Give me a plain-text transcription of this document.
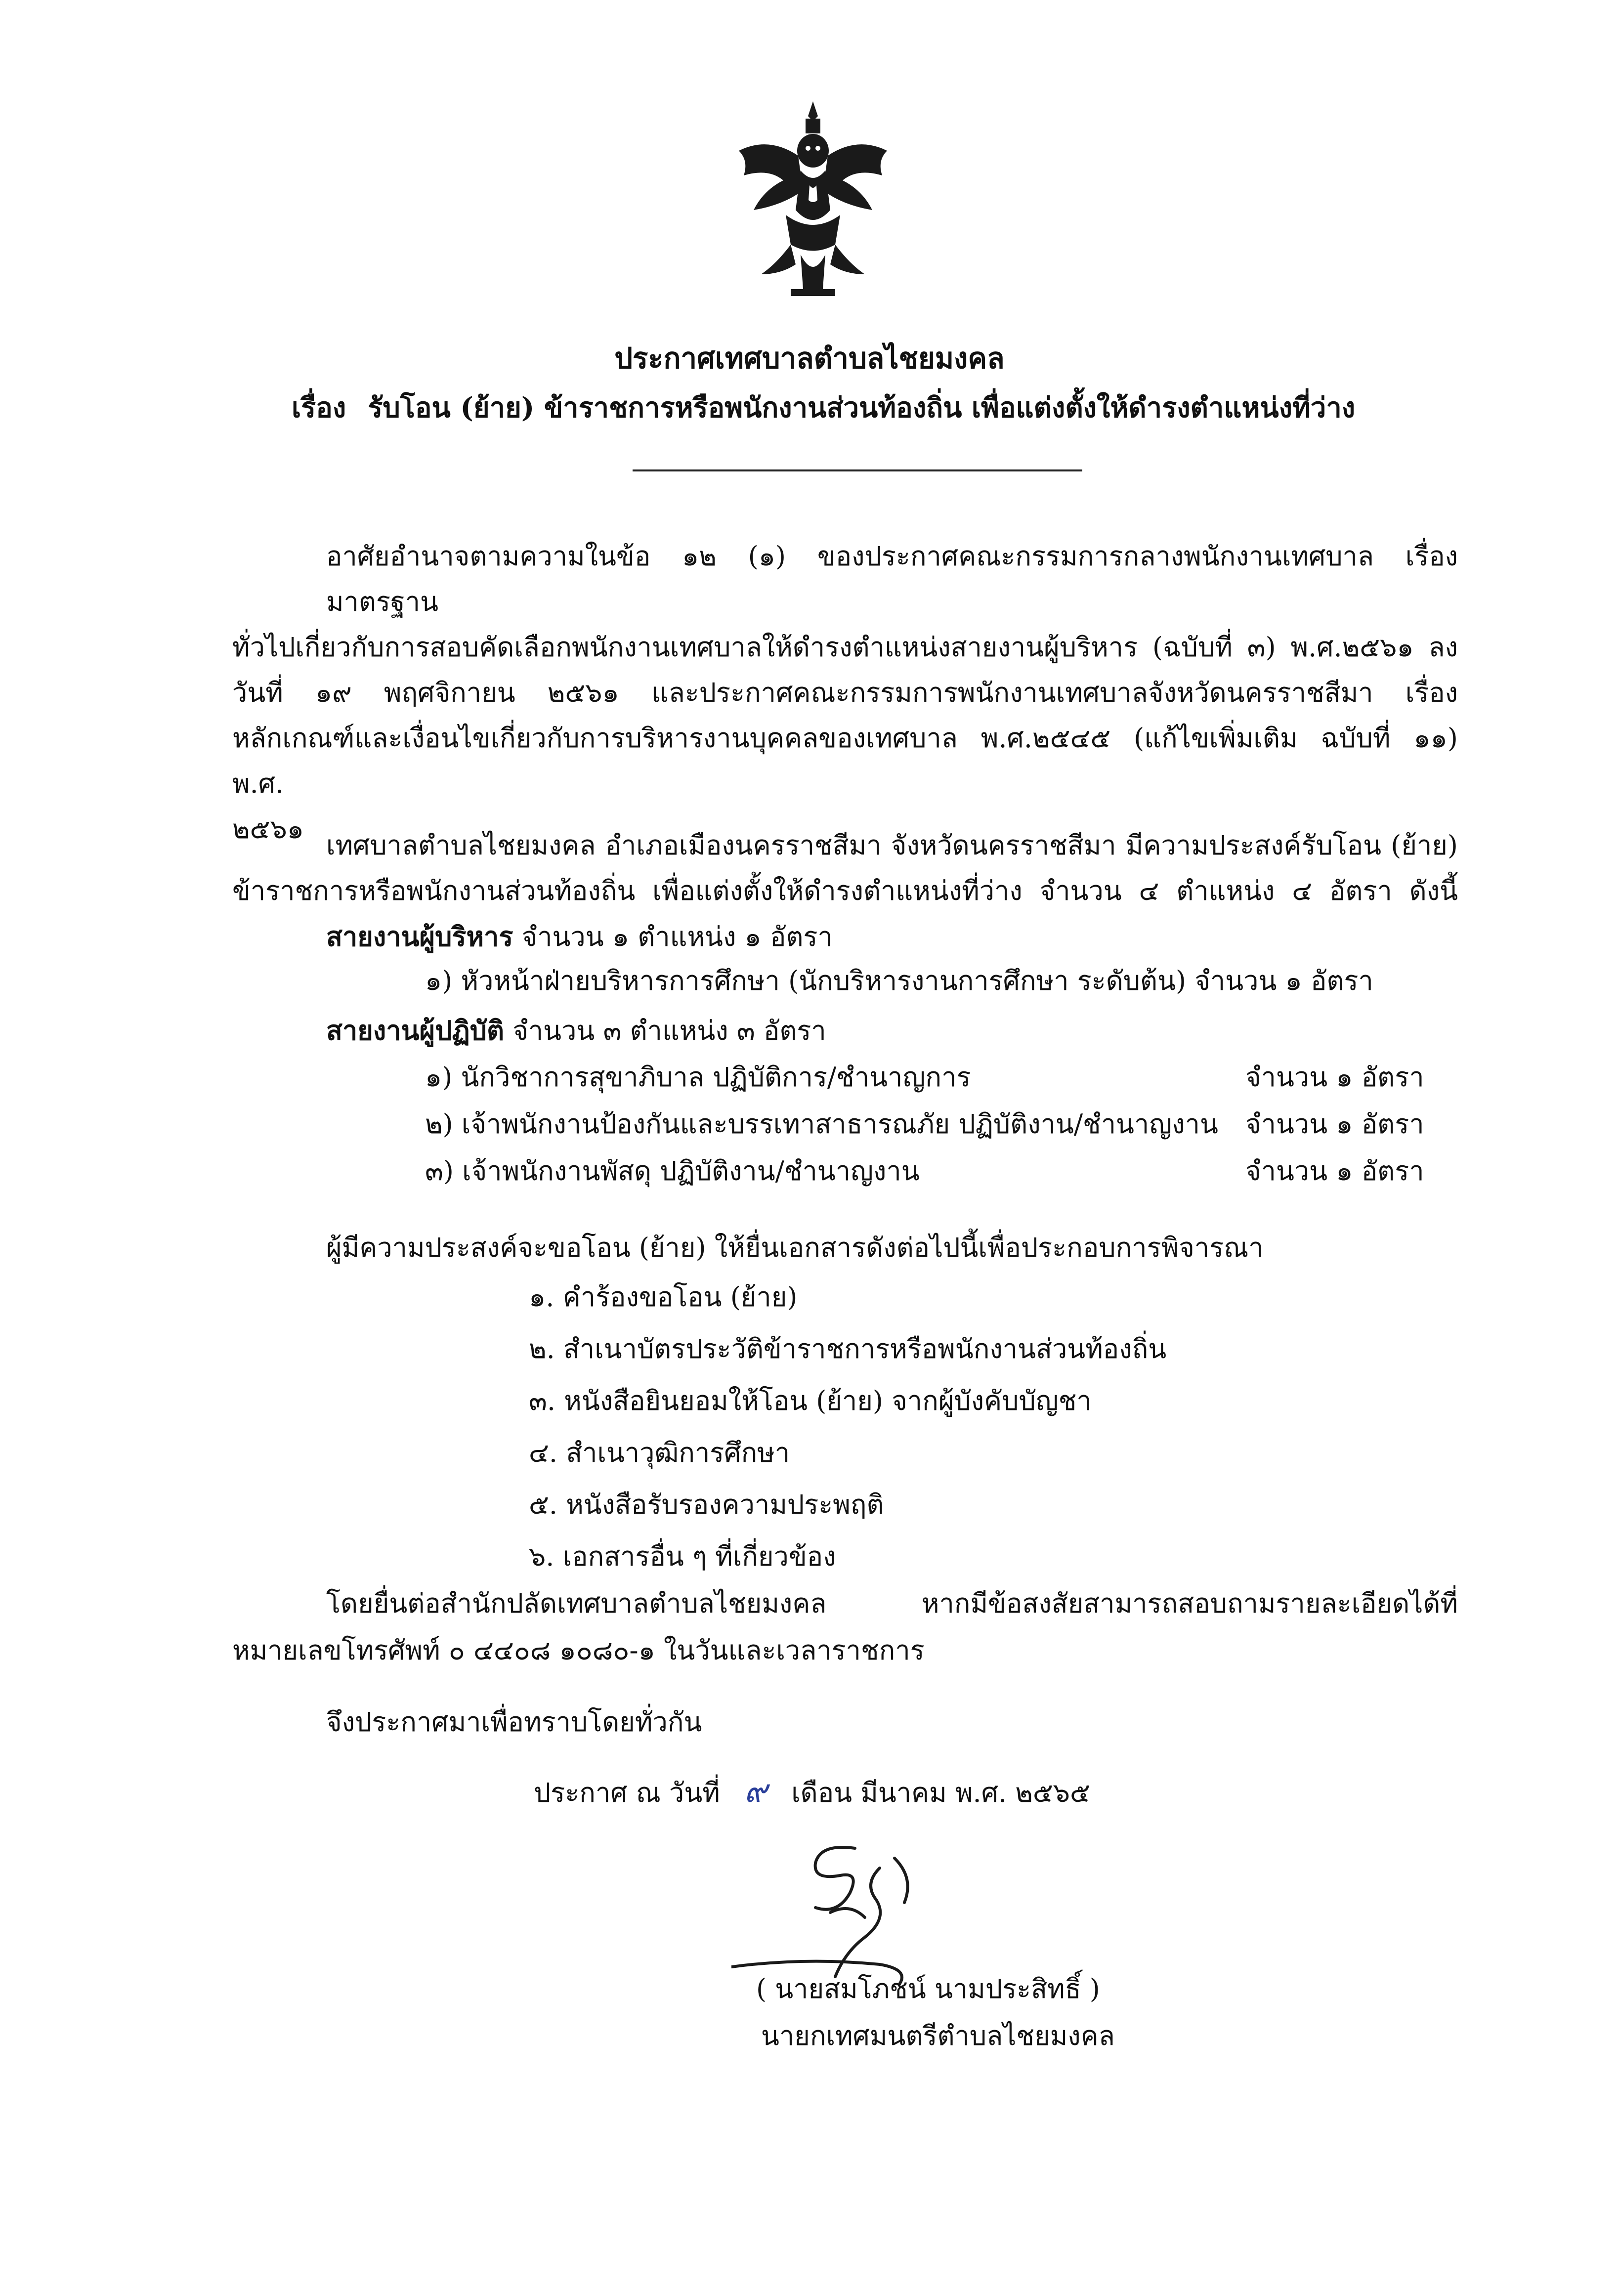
ประกาศเทศบาลตำบลไชยมงคล
เรื่อง รับโอน (ย้าย) ข้าราชการหรือพนักงานส่วนท้องถิ่น เพื่อแต่งตั้งให้ดำรงตำแหน่งที่ว่าง
อาศัยอำนาจตามความในข้อ ๑๒ (๑) ของประกาศคณะกรรมการกลางพนักงานเทศบาล เรื่อง มาตรฐาน
ทั่วไปเกี่ยวกับการสอบคัดเลือกพนักงานเทศบาลให้ดำรงตำแหน่งสายงานผู้บริหาร (ฉบับที่ ๓) พ.ศ.๒๕๖๑ ลง
วันที่ ๑๙ พฤศจิกายน ๒๕๖๑ และประกาศคณะกรรมการพนักงานเทศบาลจังหวัดนครราชสีมา เรื่อง
หลักเกณฑ์และเงื่อนไขเกี่ยวกับการบริหารงานบุคคลของเทศบาล พ.ศ.๒๕๔๕ (แก้ไขเพิ่มเติม ฉบับที่ ๑๑) พ.ศ.
๒๕๖๑
เทศบาลตำบลไชยมงคล อำเภอเมืองนครราชสีมา จังหวัดนครราชสีมา มีความประสงค์รับโอน (ย้าย)
ข้าราชการหรือพนักงานส่วนท้องถิ่น เพื่อแต่งตั้งให้ดำรงตำแหน่งที่ว่าง จำนวน ๔ ตำแหน่ง ๔ อัตรา ดังนี้
สายงานผู้บริหาร จำนวน ๑ ตำแหน่ง ๑ อัตรา
๑) หัวหน้าฝ่ายบริหารการศึกษา (นักบริหารงานการศึกษา ระดับต้น) จำนวน ๑ อัตรา
สายงานผู้ปฏิบัติ จำนวน ๓ ตำแหน่ง ๓ อัตรา
๑) นักวิชาการสุขาภิบาล ปฏิบัติการ/ชำนาญการ	จำนวน ๑ อัตรา
๒) เจ้าพนักงานป้องกันและบรรเทาสาธารณภัย ปฏิบัติงาน/ชำนาญงาน จำนวน ๑ อัตรา
๓) เจ้าพนักงานพัสดุ ปฏิบัติงาน/ชำนาญงาน	จำนวน ๑ อัตรา
ผู้มีความประสงค์จะขอโอน (ย้าย) ให้ยื่นเอกสารดังต่อไปนี้เพื่อประกอบการพิจารณา
๑. คำร้องขอโอน (ย้าย)
๒. สำเนาบัตรประวัติข้าราชการหรือพนักงานส่วนท้องถิ่น
๓. หนังสือยินยอมให้โอน (ย้าย) จากผู้บังคับบัญชา
๔. สำเนาวุฒิการศึกษา
๕. หนังสือรับรองความประพฤติ
๖. เอกสารอื่น ๆ ที่เกี่ยวข้อง
โดยยื่นต่อสำนักปลัดเทศบาลตำบลไชยมงคล หากมีข้อสงสัยสามารถสอบถามรายละเอียดได้ที่
หมายเลขโทรศัพท์ ๐ ๔๔๐๘ ๑๐๘๐-๑ ในวันและเวลาราชการ
จึงประกาศมาเพื่อทราบโดยทั่วกัน
ประกาศ ณ วันที่ ๙ เดือน มีนาคม พ.ศ. ๒๕๖๕
( นายสมโภชน์ นามประสิทธิ์ )
นายกเทศมนตรีตำบลไชยมงคล
